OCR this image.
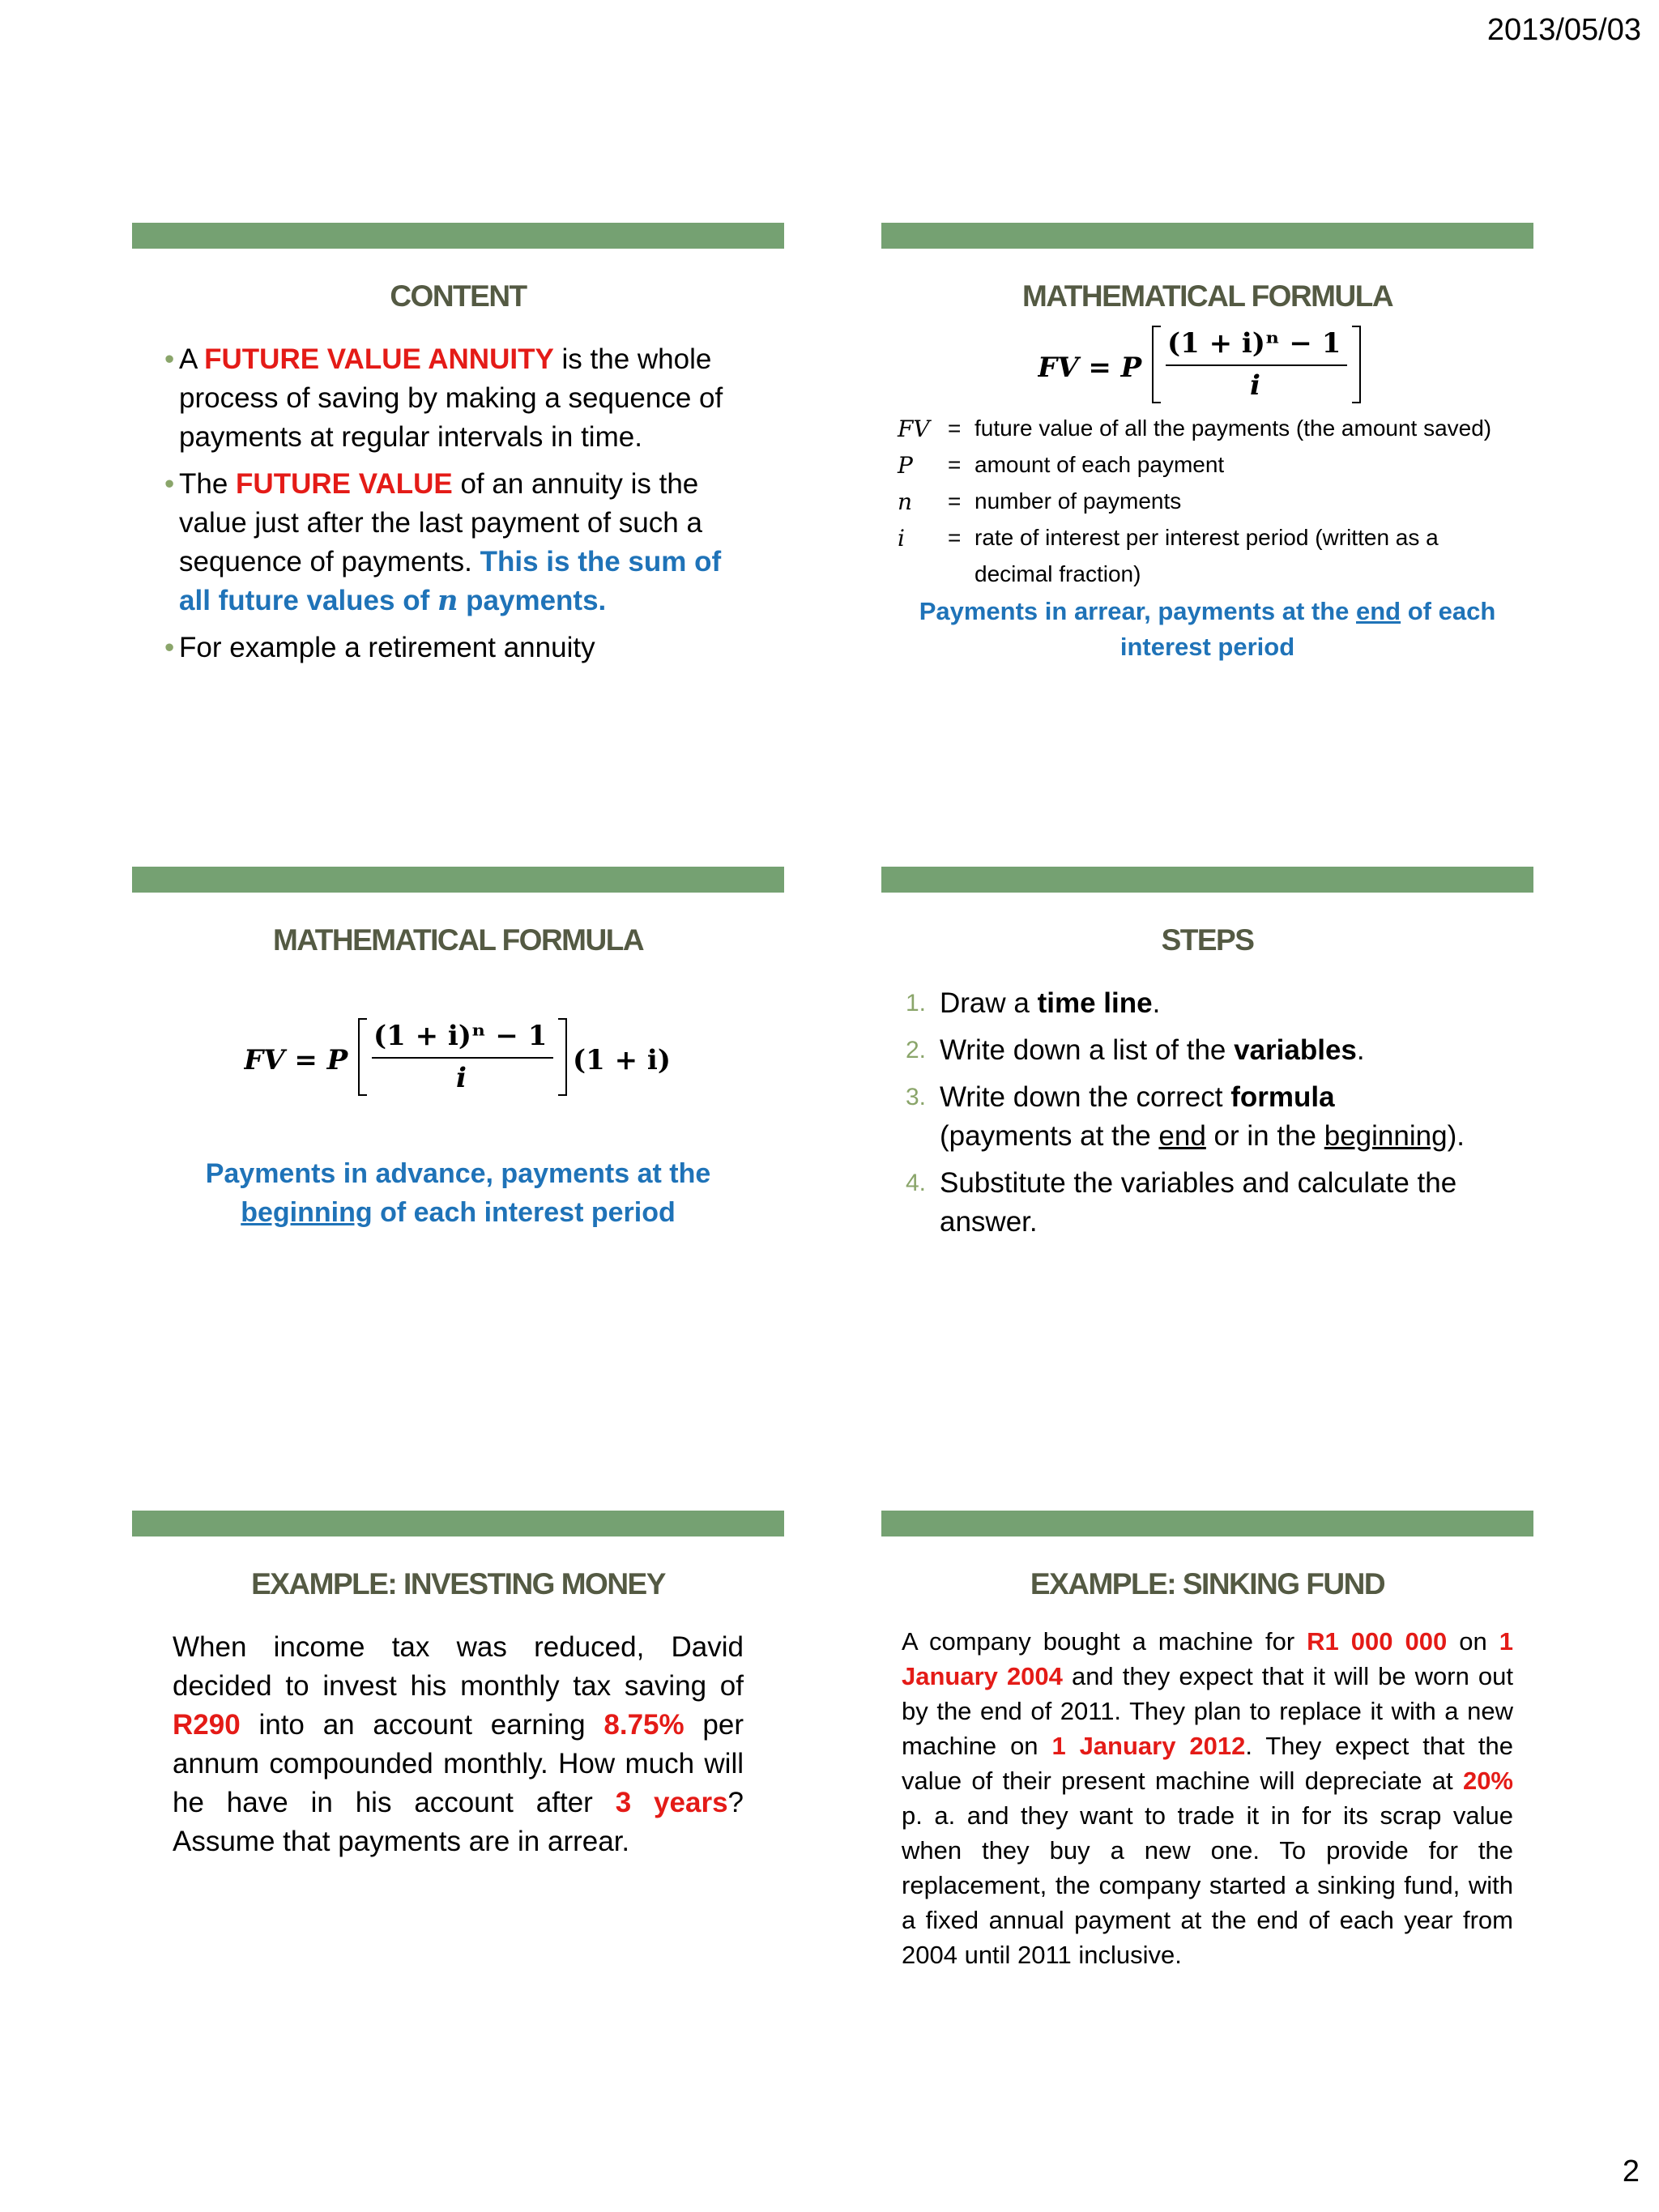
2013/05/03
CONTENT
• A FUTURE VALUE ANNUITY is the whole process of saving by making a sequence of payments at regular intervals in time.
• The FUTURE VALUE of an annuity is the value just after the last payment of such a sequence of payments. This is the sum of all future values of n payments.
• For example a retirement annuity
MATHEMATICAL FORMULA
FV = P
(1 + i)ⁿ − 1
i
FV = future value of all the payments (the amount saved)
P = amount of each payment
n = number of payments
i = rate of interest per interest period (written as a
decimal fraction)
Payments in arrear, payments at the end of each interest period
MATHEMATICAL FORMULA
FV = P
(1 + i)ⁿ − 1
i
(1 + i)
Payments in advance, payments at the beginning of each interest period
STEPS
1. Draw a time line.
2. Write down a list of the variables.
3. Write down the correct formula
(payments at the end or in the beginning).
4. Substitute the variables and calculate the answer.
EXAMPLE: INVESTING MONEY
When income tax was reduced, David decided to invest his monthly tax saving of R290 into an account earning 8.75% per annum compounded monthly. How much will he have in his account after 3 years? Assume that payments are in arrear.
EXAMPLE: SINKING FUND
A company bought a machine for R1 000 000 on 1 January 2004 and they expect that it will be worn out by the end of 2011. They plan to replace it with a new machine on 1 January 2012. They expect that the value of their present machine will depreciate at 20% p. a. and they want to trade it in for its scrap value when they buy a new one. To provide for the replacement, the company started a sinking fund, with a fixed annual payment at the end of each year from 2004 until 2011 inclusive.
2
